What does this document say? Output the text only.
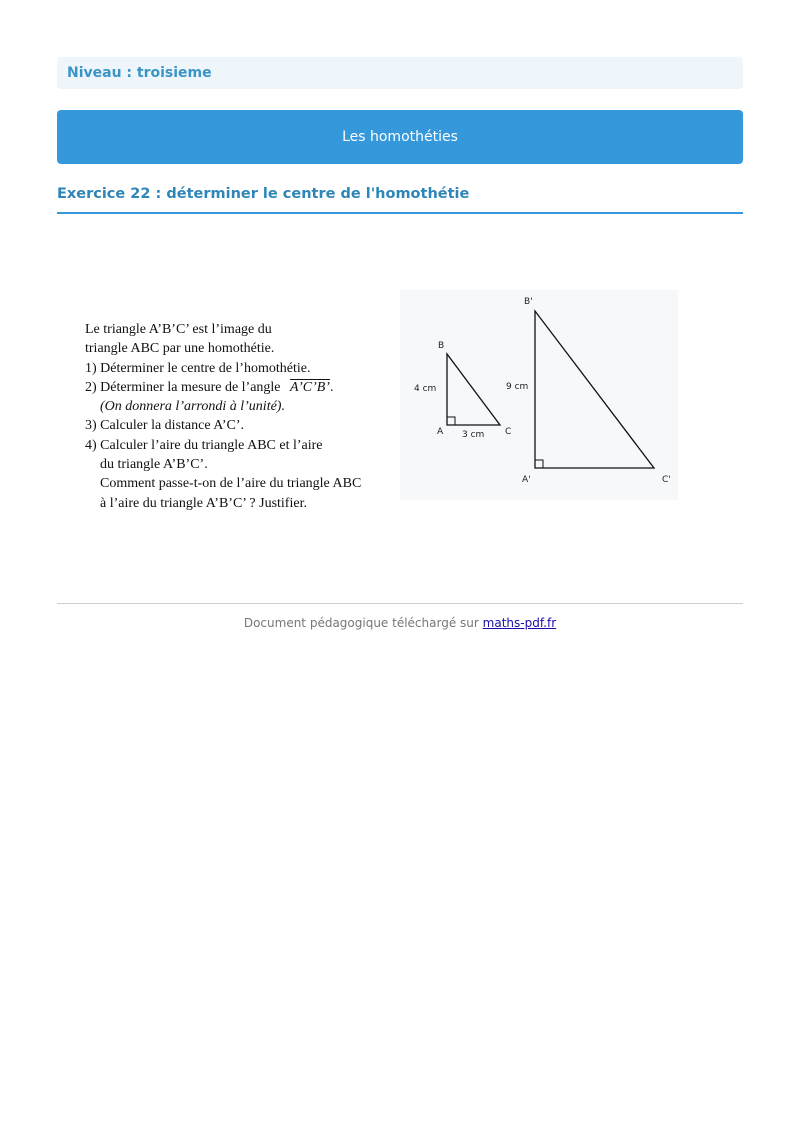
Niveau : troisieme
Les homothéties
Exercice 22 : déterminer le centre de l'homothétie
Le triangle A’B’C’ est l’image du
triangle ABC par une homothétie.
1) Déterminer le centre de l’homothétie.
2) Déterminer la mesure de l’angle A’C’B’.
(On donnera l’arrondi à l’unité).
3) Calculer la distance A’C’.
4) Calculer l’aire du triangle ABC et l’aire
du triangle A’B’C’.
Comment passe-t-on de l’aire du triangle ABC
à l’aire du triangle A’B’C’ ? Justifier.
B
A	C
4 cm
3 cm
B'
A'	C'
9 cm
Document pédagogique téléchargé sur maths-pdf.fr
